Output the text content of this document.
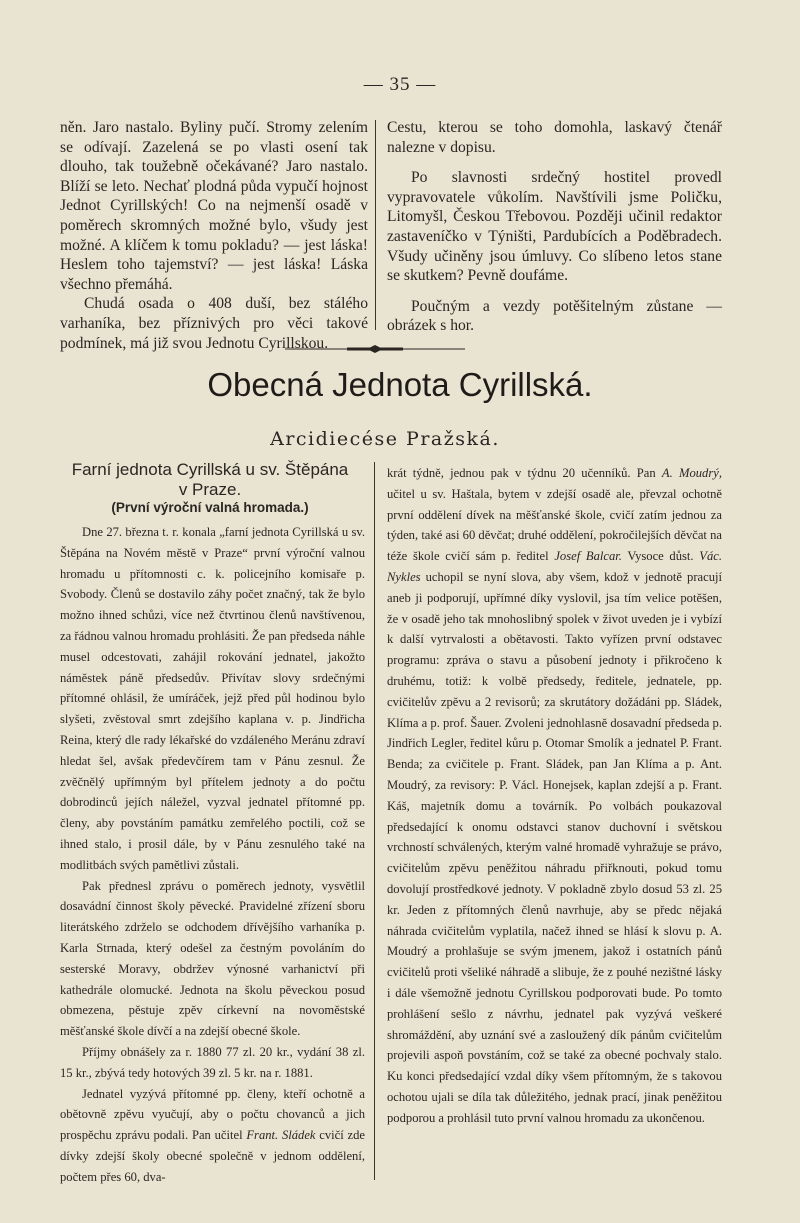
— 35 —

něn. Jaro nastalo. Byliny pučí. Stromy zelením se odívají. Zazelená se po vlasti osení tak dlouho, tak toužebně očekávané? Jaro nastalo. Blíží se leto. Nechať plodná půda vypučí hojnost Jednot Cyrillských! Co na nejmenší osadě v poměrech skromných možné bylo, všudy jest možné. A klíčem k tomu pokladu? — jest láska! Heslem toho tajemství? — jest láska! Láska všechno přemáhá.

Chudá osada o 408 duší, bez stálého varhaníka, bez příznivých pro věci takové podmínek, má již svou Jednotu Cyrillskou.

Cestu, kterou se toho domohla, laskavý čtenář nalezne v dopisu.

Po slavnosti srdečný hostitel provedl vypravovatele vůkolím. Navštívili jsme Poličku, Litomyšl, Českou Třebovou. Později učinil redaktor zastaveníčko v Týništi, Pardubících a Poděbradech. Všudy učiněny jsou úmluvy. Co slíbeno letos stane se skutkem? Pevně doufáme.

Poučným a vezdy potěšitelným zůstane — obrázek s hor.

Obecná Jednota Cyrillská.
Arcidiecése Pražská.
Farní jednota Cyrillská u sv. Štěpána
v Praze.
(První výroční valná hromada.)

Dne 27. března t. r. konala „farní jednota Cyrillská u sv. Štěpána na Novém městě v Praze“ první výroční valnou hromadu u přítomnosti c. k. policejního komisaře p. Svobody. Členů se dostavilo záhy počet značný, tak že bylo možno ihned schůzi, více než čtvrtinou členů navštívenou, za řádnou valnou hromadu prohlásiti. Že pan předseda náhle musel odcestovati, zahájil rokování jednatel, jakožto náměstek páně předsedův. Přivítav slovy srdečnými přítomné ohlásil, že umíráček, jejž před půl hodinou bylo slyšeti, zvěstoval smrt zdejšího kaplana v. p. Jindřicha Reina, který dle rady lékařské do vzdáleného Meránu zdraví hledat šel, avšak předevčírem tam v Pánu zesnul. Že zvěčnělý upřímným byl přítelem jednoty a do počtu dobrodinců jejích náležel, vyzval jednatel přítomné pp. členy, aby povstáním památku zemřelého poctili, což se ihned stalo, i prosil dále, by v Pánu zesnulého také na modlitbách svých pamětlivi zůstali.

Pak přednesl zprávu o poměrech jednoty, vysvětlil dosavádní činnost školy pěvecké. Pravidelné zřízení sboru literátského zdrželo se odchodem dřívějšího varhaníka p. Karla Strnada, který odešel za čestným povoláním do sesterské Moravy, obdržev výnosné varhanictví při kathedrále olomucké. Jednota na školu pěveckou posud obmezena, pěstuje zpěv církevní na novoměstské měšťanské škole dívčí a na zdejší obecné škole.

Příjmy obnášely za r. 1880 77 zl. 20 kr., vydání 38 zl. 15 kr., zbývá tedy hotových 39 zl. 5 kr. na r. 1881.

Jednatel vyzývá přítomné pp. členy, kteří ochotně a obětovně zpěvu vyučují, aby o počtu chovanců a jich prospěchu zprávu podali. Pan učitel Frant. Sládek cvičí zde dívky zdejší školy obecné společně v jednom oddělení, počtem přes 60, dva-

krát týdně, jednou pak v týdnu 20 učenníků. Pan A. Moudrý, učitel u sv. Haštala, bytem v zdejší osadě ale, převzal ochotně první oddělení dívek na měšťanské škole, cvičí zatím jednou za týden, také asi 60 děvčat; druhé oddělení, pokročilejších děvčat na téže škole cvičí sám p. ředitel Josef Balcar. Vysoce důst. Vác. Nykles uchopil se nyní slova, aby všem, kdož v jednotě pracují aneb ji podporují, upřímné díky vyslovil, jsa tím velice potěšen, že v osadě jeho tak mnohoslibný spolek v život uveden je i vybízí k další vytrvalosti a obětavosti. Takto vyřízen první odstavec programu: zpráva o stavu a působení jednoty i přikročeno k druhému, totiž: k volbě předsedy, ředitele, jednatele, pp. cvičitelův zpěvu a 2 revisorů; za skrutátory dožádáni pp. Sládek, Klíma a p. prof. Šauer. Zvoleni jednohlasně dosavadní předseda p. Jindřich Legler, ředitel kůru p. Otomar Smolík a jednatel P. Frant. Benda; za cvičitele p. Frant. Sládek, pan Jan Klíma a p. Ant. Moudrý, za revisory: P. Václ. Honejsek, kaplan zdejší a p. Frant. Káš, majetník domu a továrník. Po volbách poukazoval předsedající k onomu odstavci stanov duchovní i světskou vrchností schválených, kterým valné hromadě vyhražuje se právo, cvičitelům zpěvu peněžitou náhradu přiřknouti, pokud tomu dovolují prostředkové jednoty. V pokladně zbylo dosud 53 zl. 25 kr. Jeden z přítomných členů navrhuje, aby se předc nějaká náhrada cvičitelům vyplatila, načež ihned se hlásí k slovu p. A. Moudrý a prohlašuje se svým jmenem, jakož i ostatních pánů cvičitelů proti všeliké náhradě a slibuje, že z pouhé nezištné lásky i dále všemožně jednotu Cyrillskou podporovati bude. Po tomto prohlášení sešlo z návrhu, jednatel pak vyzývá veškeré shromáždění, aby uznání své a zasloužený dík pánům cvičitelům projevili aspoň povstáním, což se také za obecné pochvaly stalo. Ku konci předsedající vzdal díky všem přítomným, že s takovou ochotou ujali se díla tak důležitého, jednak prací, jinak peněžitou podporou a prohlásil tuto první valnou hromadu za ukončenou.
